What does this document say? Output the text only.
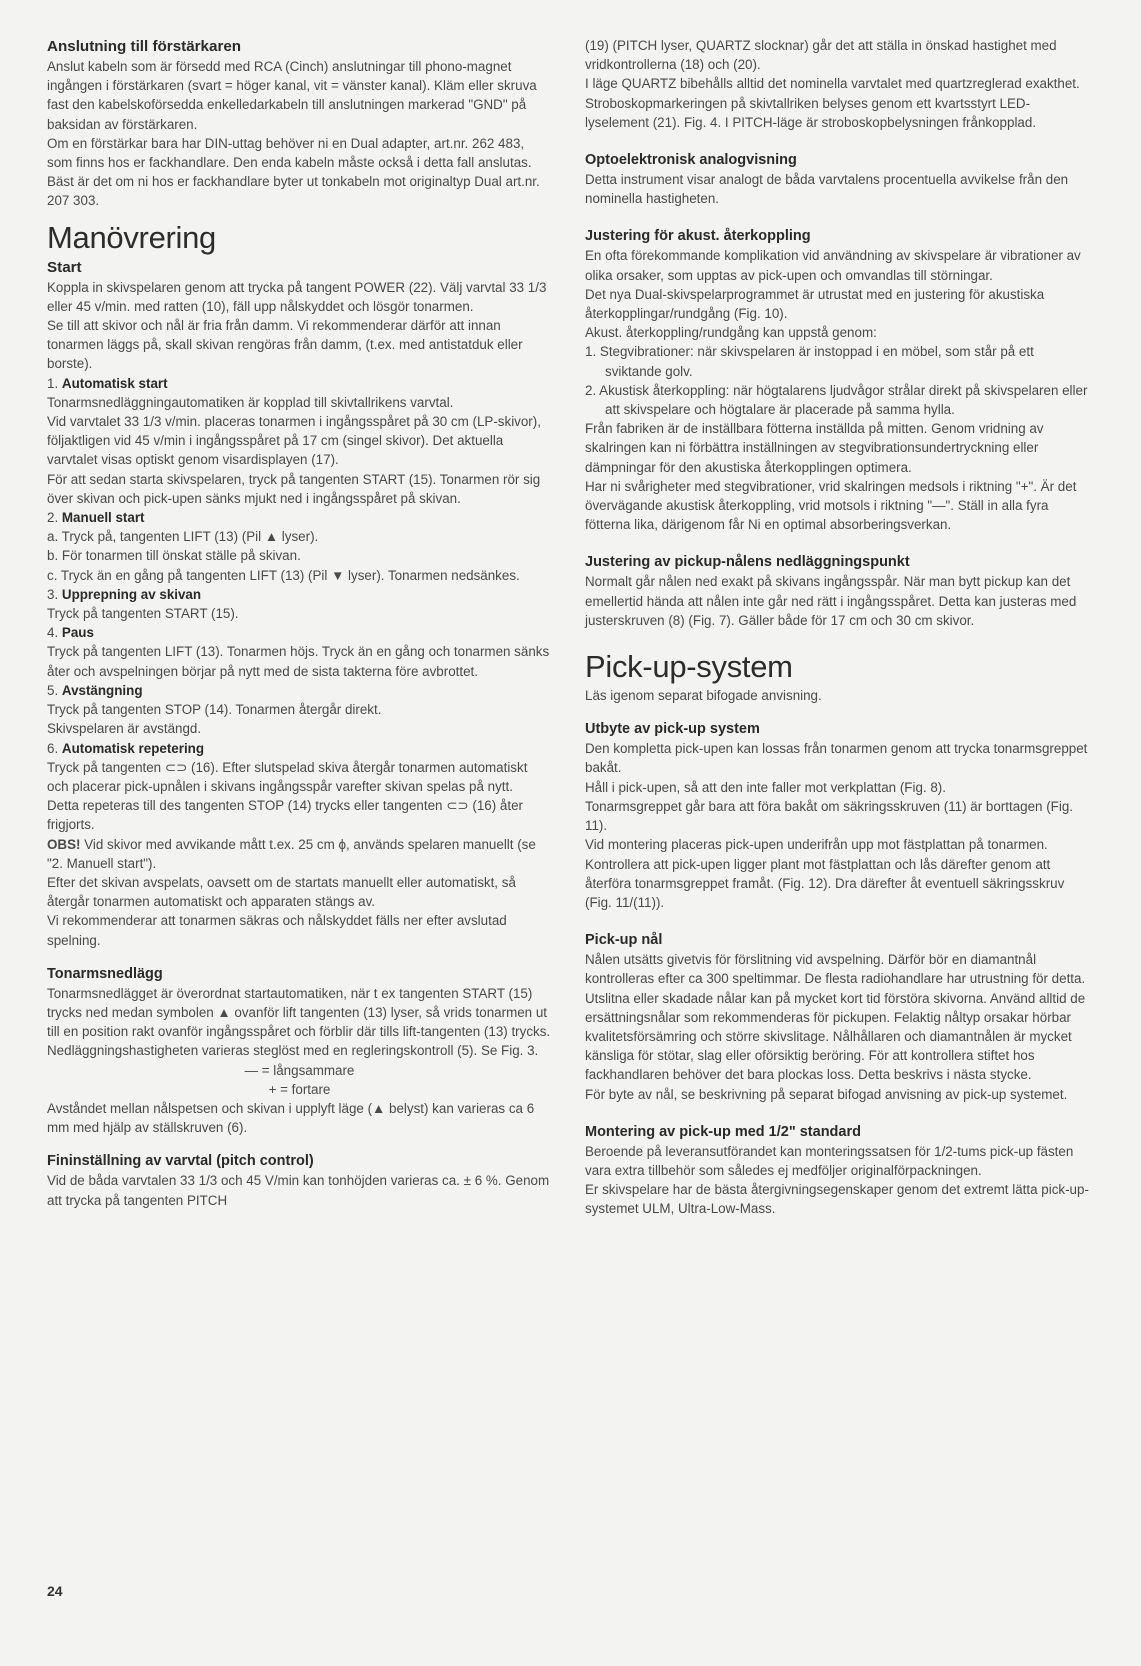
Anslutning till förstärkaren

Anslut kabeln som är försedd med RCA (Cinch) anslutningar till phono-magnet ingången i förstärkaren (svart = höger kanal, vit = vänster kanal). Kläm eller skruva fast den kabelskoförsedda enkelledarkabeln till anslutningen markerad "GND" på baksidan av förstärkaren.

Om en förstärkar bara har DIN-uttag behöver ni en Dual adapter, art.nr. 262 483, som finns hos er fackhandlare. Den enda kabeln måste också i detta fall anslutas. Bäst är det om ni hos er fackhandlare byter ut tonkabeln mot originaltyp Dual art.nr. 207 303.

Manövrering
Start

Koppla in skivspelaren genom att trycka på tangent POWER (22). Välj varvtal 33 1/3 eller 45 v/min. med ratten (10), fäll upp nålskyddet och lösgör tonarmen.

Se till att skivor och nål är fria från damm. Vi rekommenderar därför att innan tonarmen läggs på, skall skivan rengöras från damm, (t.ex. med antistatduk eller borste).

1. Automatisk start

Tonarmsnedläggningautomatiken är kopplad till skivtallrikens varvtal.

Vid varvtalet 33 1/3 v/min. placeras tonarmen i ingångsspåret på 30 cm (LP-skivor), följaktligen vid 45 v/min i ingångsspåret på 17 cm (singel skivor). Det aktuella varvtalet visas optiskt genom visardisplayen (17).

För att sedan starta skivspelaren, tryck på tangenten START (15). Tonarmen rör sig över skivan och pick-upen sänks mjukt ned i ingångsspåret på skivan.

2. Manuell start

a. Tryck på, tangenten LIFT (13) (Pil ▲ lyser).

b. För tonarmen till önskat ställe på skivan.

c. Tryck än en gång på tangenten LIFT (13) (Pil ▼ lyser). Tonarmen nedsänkes.

3. Upprepning av skivan

Tryck på tangenten START (15).

4. Paus

Tryck på tangenten LIFT (13). Tonarmen höjs. Tryck än en gång och tonarmen sänks åter och avspelningen börjar på nytt med de sista takterna före avbrottet.

5. Avstängning

Tryck på tangenten STOP (14). Tonarmen återgår direkt.

Skivspelaren är avstängd.

6. Automatisk repetering

Tryck på tangenten ⊂⊃ (16). Efter slutspelad skiva återgår tonarmen automatiskt och placerar pick-upnålen i skivans ingångsspår varefter skivan spelas på nytt.

Detta repeteras till des tangenten STOP (14) trycks eller tangenten ⊂⊃ (16) åter frigjorts.

OBS! Vid skivor med avvikande mått t.ex. 25 cm ϕ, används spelaren manuellt (se "2. Manuell start").

Efter det skivan avspelats, oavsett om de startats manuellt eller automatiskt, så återgår tonarmen automatiskt och apparaten stängs av.

Vi rekommenderar att tonarmen säkras och nålskyddet fälls ner efter avslutad spelning.

Tonarmsnedlägg

Tonarmsnedlägget är överordnat startautomatiken, när t ex tangenten START (15) trycks ned medan symbolen ▲ ovanför lift tangenten (13) lyser, så vrids tonarmen ut till en position rakt ovanför ingångsspåret och förblir där tills lift-tangenten (13) trycks.

Nedläggningshastigheten varieras steglöst med en regleringskontroll (5). Se Fig. 3.

— = långsammare

+ = fortare

Avståndet mellan nålspetsen och skivan i upplyft läge (▲ belyst) kan varieras ca 6 mm med hjälp av ställskruven (6).

Fininställning av varvtal (pitch control)

Vid de båda varvtalen 33 1/3 och 45 V/min kan tonhöjden varieras ca. ± 6 %. Genom att trycka på tangenten PITCH

24

(19) (PITCH lyser, QUARTZ slocknar) går det att ställa in önskad hastighet med vridkontrollerna (18) och (20).

I läge QUARTZ bibehålls alltid det nominella varvtalet med quartzreglerad exakthet.

Stroboskopmarkeringen på skivtallriken belyses genom ett kvartsstyrt LED-lyselement (21). Fig. 4. I PITCH-läge är stroboskopbelysningen frånkopplad.

Optoelektronisk analogvisning

Detta instrument visar analogt de båda varvtalens procentuella avvikelse från den nominella hastigheten.

Justering för akust. återkoppling

En ofta förekommande komplikation vid användning av skivspelare är vibrationer av olika orsaker, som upptas av pick-upen och omvandlas till störningar.

Det nya Dual-skivspelarprogrammet är utrustat med en justering för akustiska återkopplingar/rundgång (Fig. 10).

Akust. återkoppling/rundgång kan uppstå genom:

1. Stegvibrationer: när skivspelaren är instoppad i en möbel, som står på ett sviktande golv.

2. Akustisk återkoppling: när högtalarens ljudvågor strålar direkt på skivspelaren eller att skivspelare och högtalare är placerade på samma hylla.

Från fabriken är de inställbara fötterna inställda på mitten. Genom vridning av skalringen kan ni förbättra inställningen av stegvibrationsundertryckning eller dämpningar för den akustiska återkopplingen optimera.

Har ni svårigheter med stegvibrationer, vrid skalringen medsols i riktning "+". Är det övervägande akustisk återkoppling, vrid motsols i riktning "—". Ställ in alla fyra fötterna lika, därigenom får Ni en optimal absorberingsverkan.

Justering av pickup-nålens nedläggningspunkt

Normalt går nålen ned exakt på skivans ingångsspår. När man bytt pickup kan det emellertid hända att nålen inte går ned rätt i ingångsspåret. Detta kan justeras med justerskruven (8) (Fig. 7). Gäller både för 17 cm och 30 cm skivor.

Pick-up-system

Läs igenom separat bifogade anvisning.

Utbyte av pick-up system

Den kompletta pick-upen kan lossas från tonarmen genom att trycka tonarmsgreppet bakåt.

Håll i pick-upen, så att den inte faller mot verkplattan (Fig. 8).

Tonarmsgreppet går bara att föra bakåt om säkringsskruven (11) är borttagen (Fig. 11).

Vid montering placeras pick-upen underifrån upp mot fästplattan på tonarmen. Kontrollera att pick-upen ligger plant mot fästplattan och lås därefter genom att återföra tonarmsgreppet framåt. (Fig. 12). Dra därefter åt eventuell säkringsskruv (Fig. 11/(11)).

Pick-up nål

Nålen utsätts givetvis för förslitning vid avspelning. Därför bör en diamantnål kontrolleras efter ca 300 speltimmar. De flesta radiohandlare har utrustning för detta. Utslitna eller skadade nålar kan på mycket kort tid förstöra skivorna. Använd alltid de ersättningsnålar som rekommenderas för pickupen. Felaktig nåltyp orsakar hörbar kvalitetsförsämring och större skivslitage. Nålhållaren och diamantnålen är mycket känsliga för stötar, slag eller oförsiktig beröring. För att kontrollera stiftet hos fackhandlaren behöver det bara plockas loss. Detta beskrivs i nästa stycke.

För byte av nål, se beskrivning på separat bifogad anvisning av pick-up systemet.

Montering av pick-up med 1/2" standard

Beroende på leveransutförandet kan monteringssatsen för 1/2-tums pick-up fästen vara extra tillbehör som således ej medföljer originalförpackningen.

Er skivspelare har de bästa återgivningsegenskaper genom det extremt lätta pick-up-systemet ULM, Ultra-Low-Mass.
